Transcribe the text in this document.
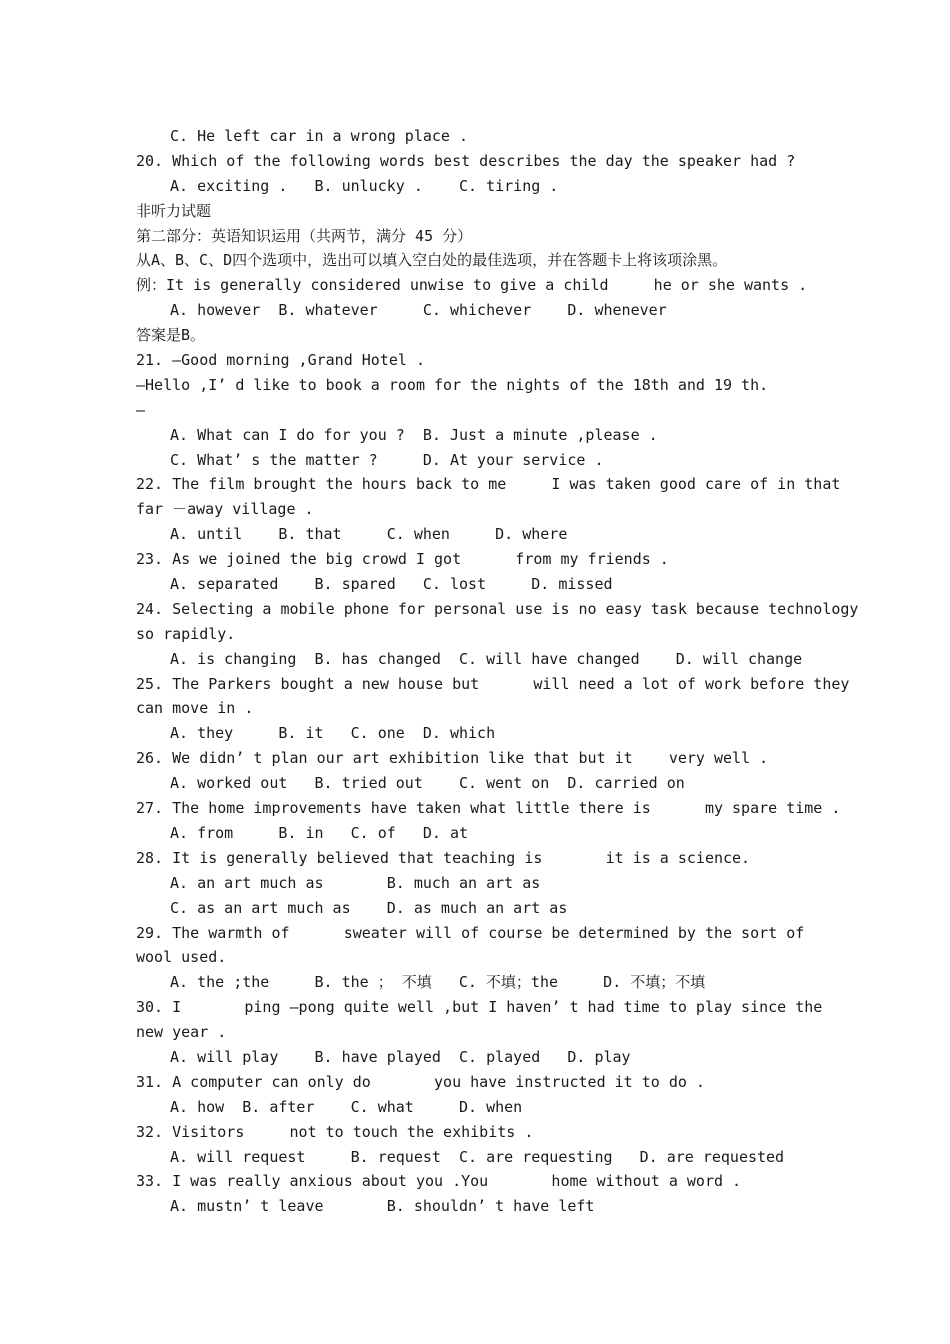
C. He left car in a wrong place .
20. Which of the following words best describes the day the speaker had ?
A. exciting .   B. unlucky .    C. tiring .
非听力试题
第二部分：英语知识运用（共两节，满分 45 分）
从A、B、C、D四个选项中，选出可以填入空白处的最佳选项，并在答题卡上将该项涂黑。
例：It is generally considered unwise to give a child     he or she wants .
A. however  B. whatever     C. whichever    D. whenever
答案是B。
21. —Good morning ,Grand Hotel .
—Hello ,I’ d like to book a room for the nights of the 18th and 19 th.
—
A. What can I do for you ?  B. Just a minute ,please .
C. What’ s the matter ?     D. At your service .
22. The film brought the hours back to me     I was taken good care of in that
far －away village .
A. until    B. that     C. when     D. where
23. As we joined the big crowd I got      from my friends .
A. separated    B. spared   C. lost     D. missed
24. Selecting a mobile phone for personal use is no easy task because technology
so rapidly.
A. is changing  B. has changed  C. will have changed    D. will change
25. The Parkers bought a new house but      will need a lot of work before they
can move in .
A. they     B. it   C. one  D. which
26. We didn’ t plan our art exhibition like that but it    very well .
A. worked out   B. tried out    C. went on  D. carried on
27. The home improvements have taken what little there is      my spare time .
A. from     B. in   C. of   D. at
28. It is generally believed that teaching is       it is a science.
A. an art much as       B. much an art as
C. as an art much as    D. as much an art as
29. The warmth of      sweater will of course be determined by the sort of
wool used.
A. the ;the     B. the ； 不填   C. 不填；the     D. 不填；不填
30. I       ping —pong quite well ,but I haven’ t had time to play since the
new year .
A. will play    B. have played  C. played   D. play
31. A computer can only do       you have instructed it to do .
A. how  B. after    C. what     D. when
32. Visitors     not to touch the exhibits .
A. will request     B. request  C. are requesting   D. are requested
33. I was really anxious about you .You       home without a word .
A. mustn’ t leave       B. shouldn’ t have left
